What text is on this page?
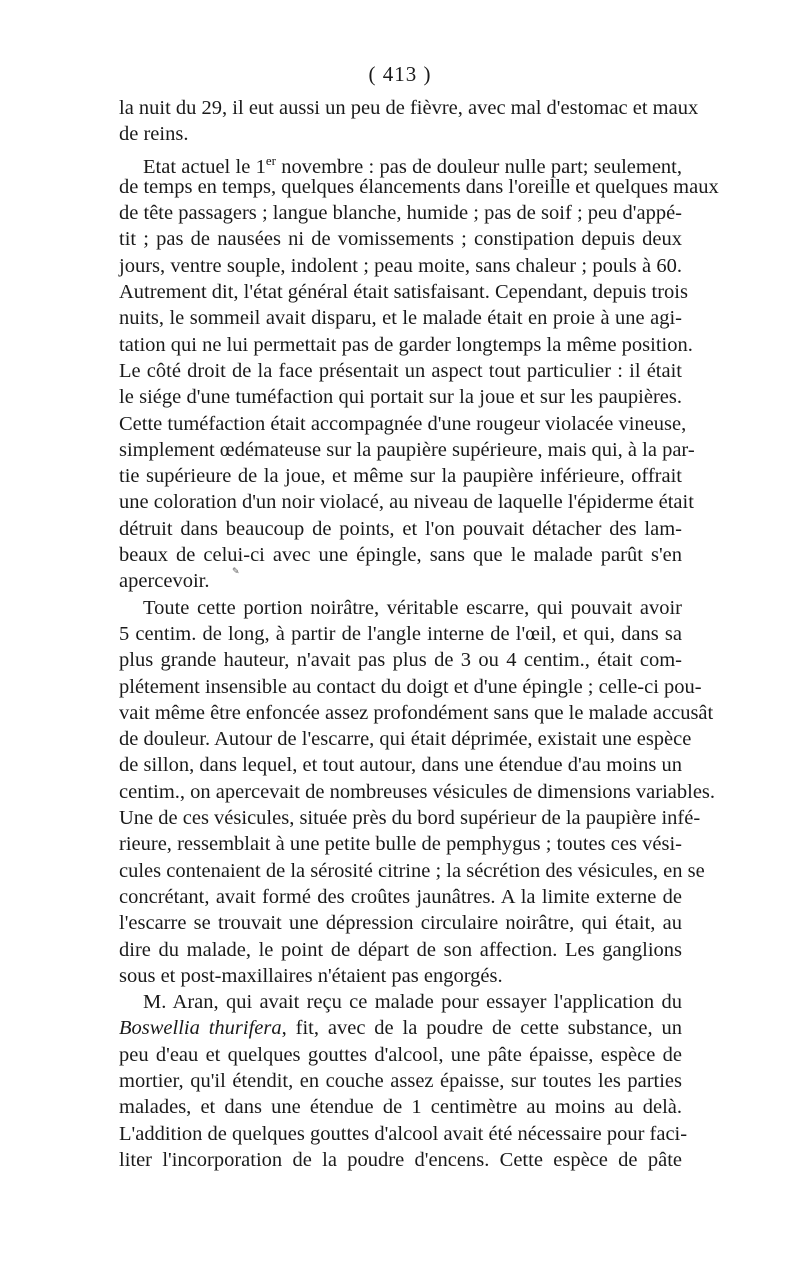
( 413 )
la nuit du 29, il eut aussi un peu de fièvre, avec mal d'estomac et maux
de reins.
Etat actuel le 1er novembre : pas de douleur nulle part; seulement,
de temps en temps, quelques élancements dans l'oreille et quelques maux
de tête passagers ; langue blanche, humide ; pas de soif ; peu d'appé-
tit ; pas de nausées ni de vomissements ; constipation depuis deux
jours, ventre souple, indolent ; peau moite, sans chaleur ; pouls à 60.
Autrement dit, l'état général était satisfaisant. Cependant, depuis trois
nuits, le sommeil avait disparu, et le malade était en proie à une agi-
tation qui ne lui permettait pas de garder longtemps la même position.
Le côté droit de la face présentait un aspect tout particulier : il était
le siége d'une tuméfaction qui portait sur la joue et sur les paupières.
Cette tuméfaction était accompagnée d'une rougeur violacée vineuse,
simplement œdémateuse sur la paupière supérieure, mais qui, à la par-
tie supérieure de la joue, et même sur la paupière inférieure, offrait
une coloration d'un noir violacé, au niveau de laquelle l'épiderme était
détruit dans beaucoup de points, et l'on pouvait détacher des lam-
beaux de celui-ci avec une épingle, sans que le malade parût s'en
apercevoir.
Toute cette portion noirâtre, véritable escarre, qui pouvait avoir
5 centim. de long, à partir de l'angle interne de l'œil, et qui, dans sa
plus grande hauteur, n'avait pas plus de 3 ou 4 centim., était com-
plétement insensible au contact du doigt et d'une épingle ; celle-ci pou-
vait même être enfoncée assez profondément sans que le malade accusât
de douleur. Autour de l'escarre, qui était déprimée, existait une espèce
de sillon, dans lequel, et tout autour, dans une étendue d'au moins un
centim., on apercevait de nombreuses vésicules de dimensions variables.
Une de ces vésicules, située près du bord supérieur de la paupière infé-
rieure, ressemblait à une petite bulle de pemphygus ; toutes ces vési-
cules contenaient de la sérosité citrine ; la sécrétion des vésicules, en se
concrétant, avait formé des croûtes jaunâtres. A la limite externe de
l'escarre se trouvait une dépression circulaire noirâtre, qui était, au
dire du malade, le point de départ de son affection. Les ganglions
sous et post-maxillaires n'étaient pas engorgés.
M. Aran, qui avait reçu ce malade pour essayer l'application du
Boswellia thurifera, fit, avec de la poudre de cette substance, un
peu d'eau et quelques gouttes d'alcool, une pâte épaisse, espèce de
mortier, qu'il étendit, en couche assez épaisse, sur toutes les parties
malades, et dans une étendue de 1 centimètre au moins au delà.
L'addition de quelques gouttes d'alcool avait été nécessaire pour faci-
liter l'incorporation de la poudre d'encens. Cette espèce de pâte
✎
